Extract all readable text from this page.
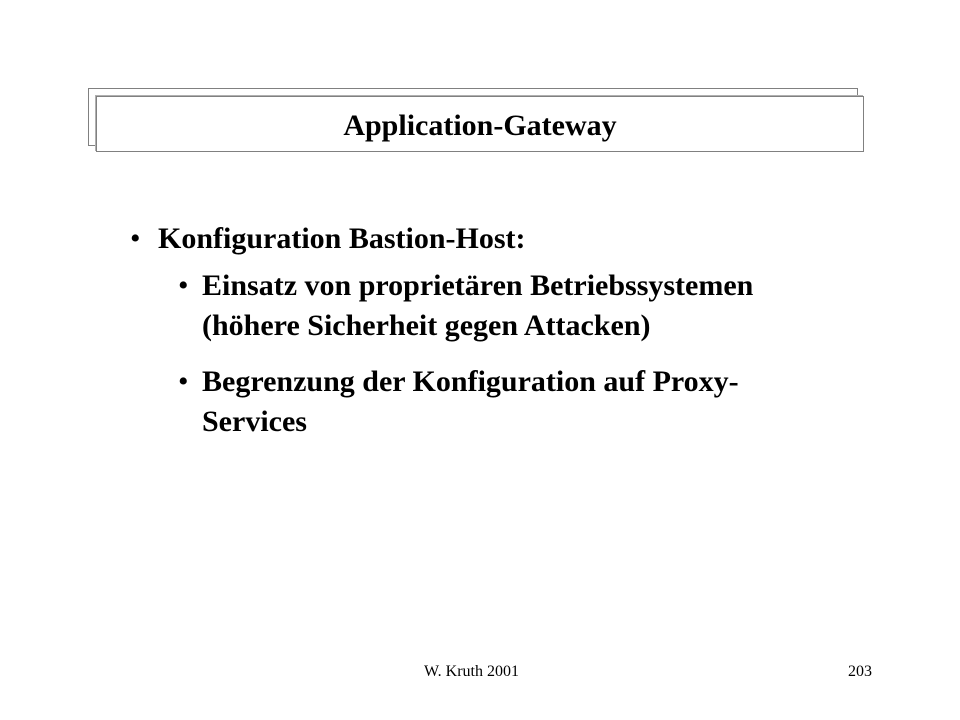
Application-Gateway
• Konfiguration Bastion-Host:
• Einsatz von proprietären Betriebssystemen
(höhere Sicherheit gegen Attacken)
• Begrenzung der Konfiguration auf Proxy-
Services
W. Kruth 2001	203
